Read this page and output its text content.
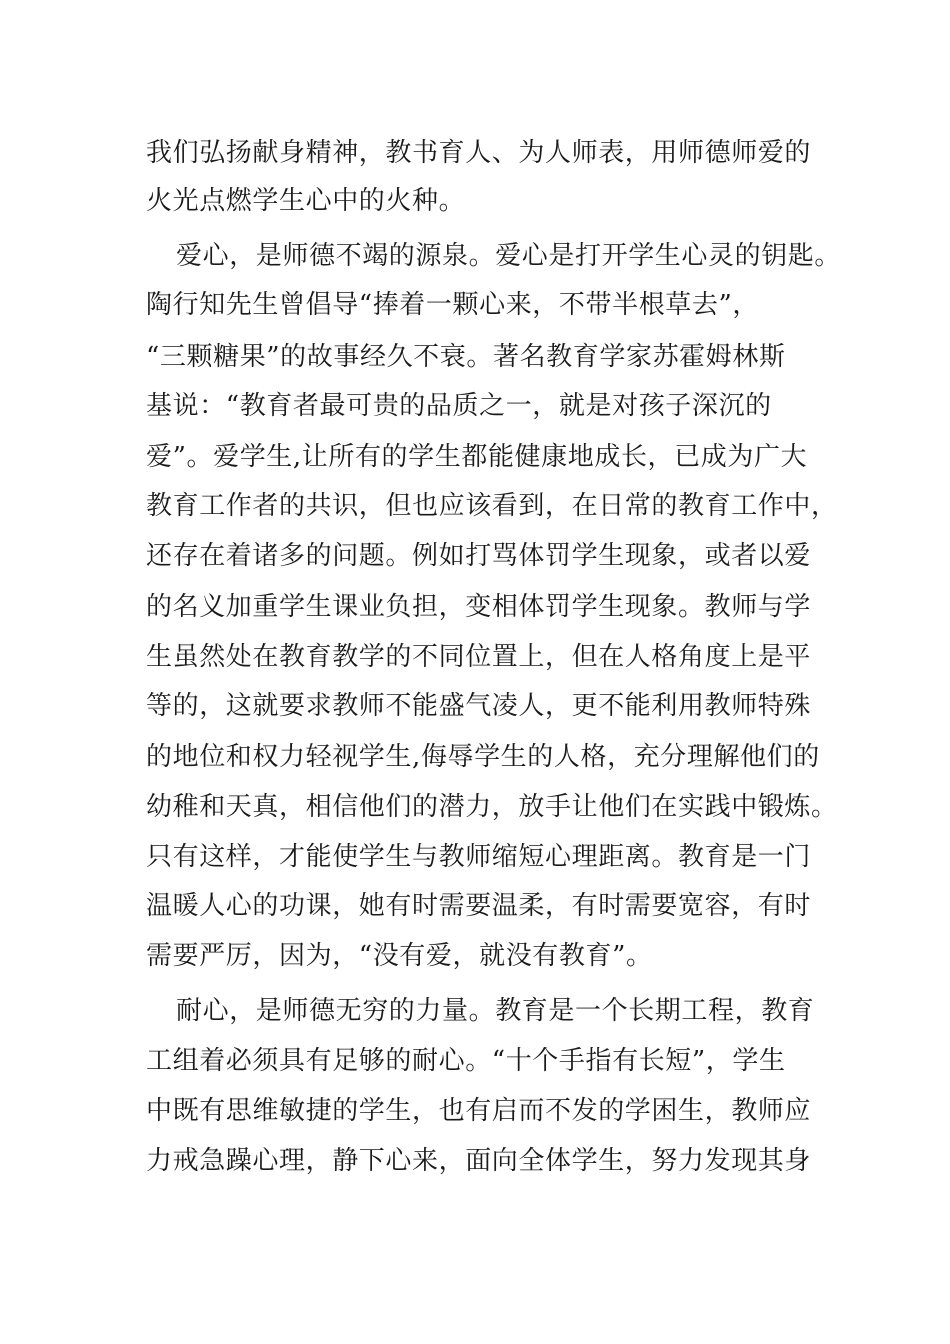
我们弘扬献身精神，教书育人、为人师表，用师德师爱的

火光点燃学生心中的火种。

爱心，是师德不竭的源泉。爱心是打开学生心灵的钥匙。

陶行知先生曾倡导“捧着一颗心来，不带半根草去”，

“三颗糖果”的故事经久不衰。著名教育学家苏霍姆林斯

基说：“教育者最可贵的品质之一，就是对孩子深沉的

爱”。爱学生,让所有的学生都能健康地成长，已成为广大

教育工作者的共识，但也应该看到，在日常的教育工作中，

还存在着诸多的问题。例如打骂体罚学生现象，或者以爱

的名义加重学生课业负担，变相体罚学生现象。教师与学

生虽然处在教育教学的不同位置上，但在人格角度上是平

等的，这就要求教师不能盛气凌人，更不能利用教师特殊

的地位和权力轻视学生,侮辱学生的人格，充分理解他们的

幼稚和天真，相信他们的潜力，放手让他们在实践中锻炼。

只有这样，才能使学生与教师缩短心理距离。教育是一门

温暖人心的功课，她有时需要温柔，有时需要宽容，有时

需要严厉，因为，“没有爱，就没有教育”。

耐心，是师德无穷的力量。教育是一个长期工程，教育

工组着必须具有足够的耐心。“十个手指有长短”，学生

中既有思维敏捷的学生，也有启而不发的学困生，教师应

力戒急躁心理，静下心来，面向全体学生，努力发现其身
